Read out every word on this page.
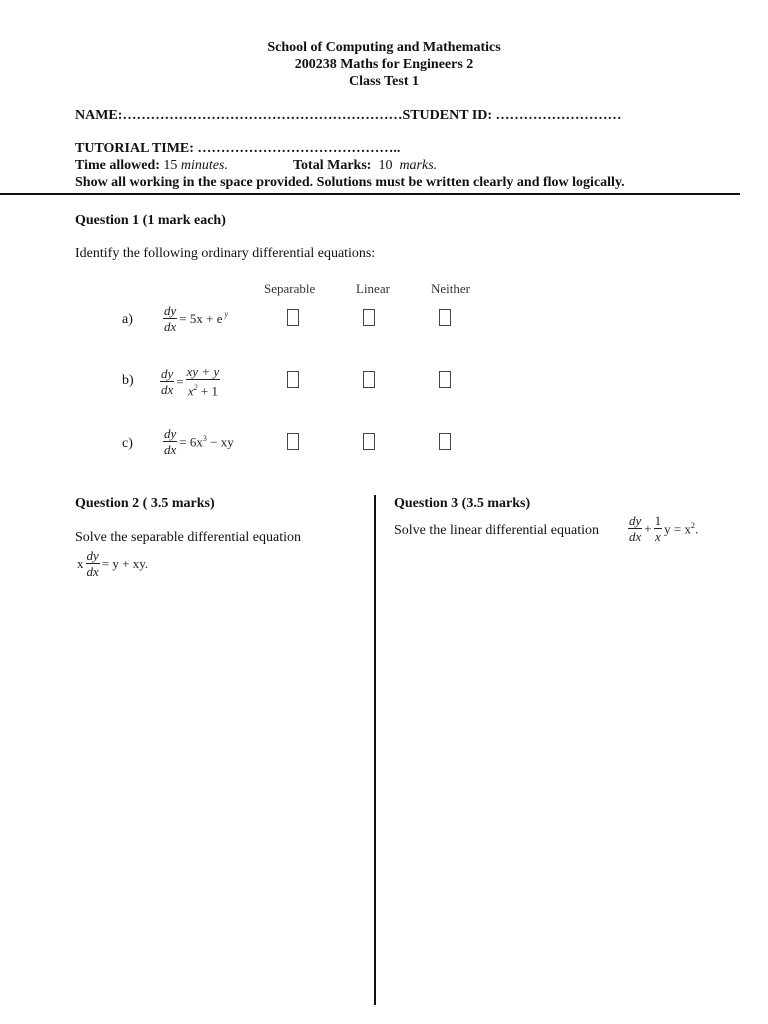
School of Computing and Mathematics
200238 Maths for Engineers 2
Class Test 1
NAME:……………………………………………………STUDENT ID: ………………………
TUTORIAL TIME: ……………………………………..
Time allowed: 15 minutes.	Total Marks: 10 marks.
Show all working in the space provided. Solutions must be written clearly and flow logically.
Question 1 (1 mark each)
Identify the following ordinary differential equations:
Separable	Linear	Neither
$a) \frac{dy}{dx} = 5x + e$ $^y$
$b) \frac{dy}{dx} = \frac{xy + y}{x^2 + 1}$
$c) \frac{dy}{dx} = 6x^3$ − xy
Question 2 ( 3.5 marks)
Solve the separable differential equation
x $\frac{dy}{dx} = y$ + xy.
Question 3 (3.5 marks)
Solve the linear differential equation $\frac{dy}{dx} + \frac{1}{x}$ $y = x^2$.
